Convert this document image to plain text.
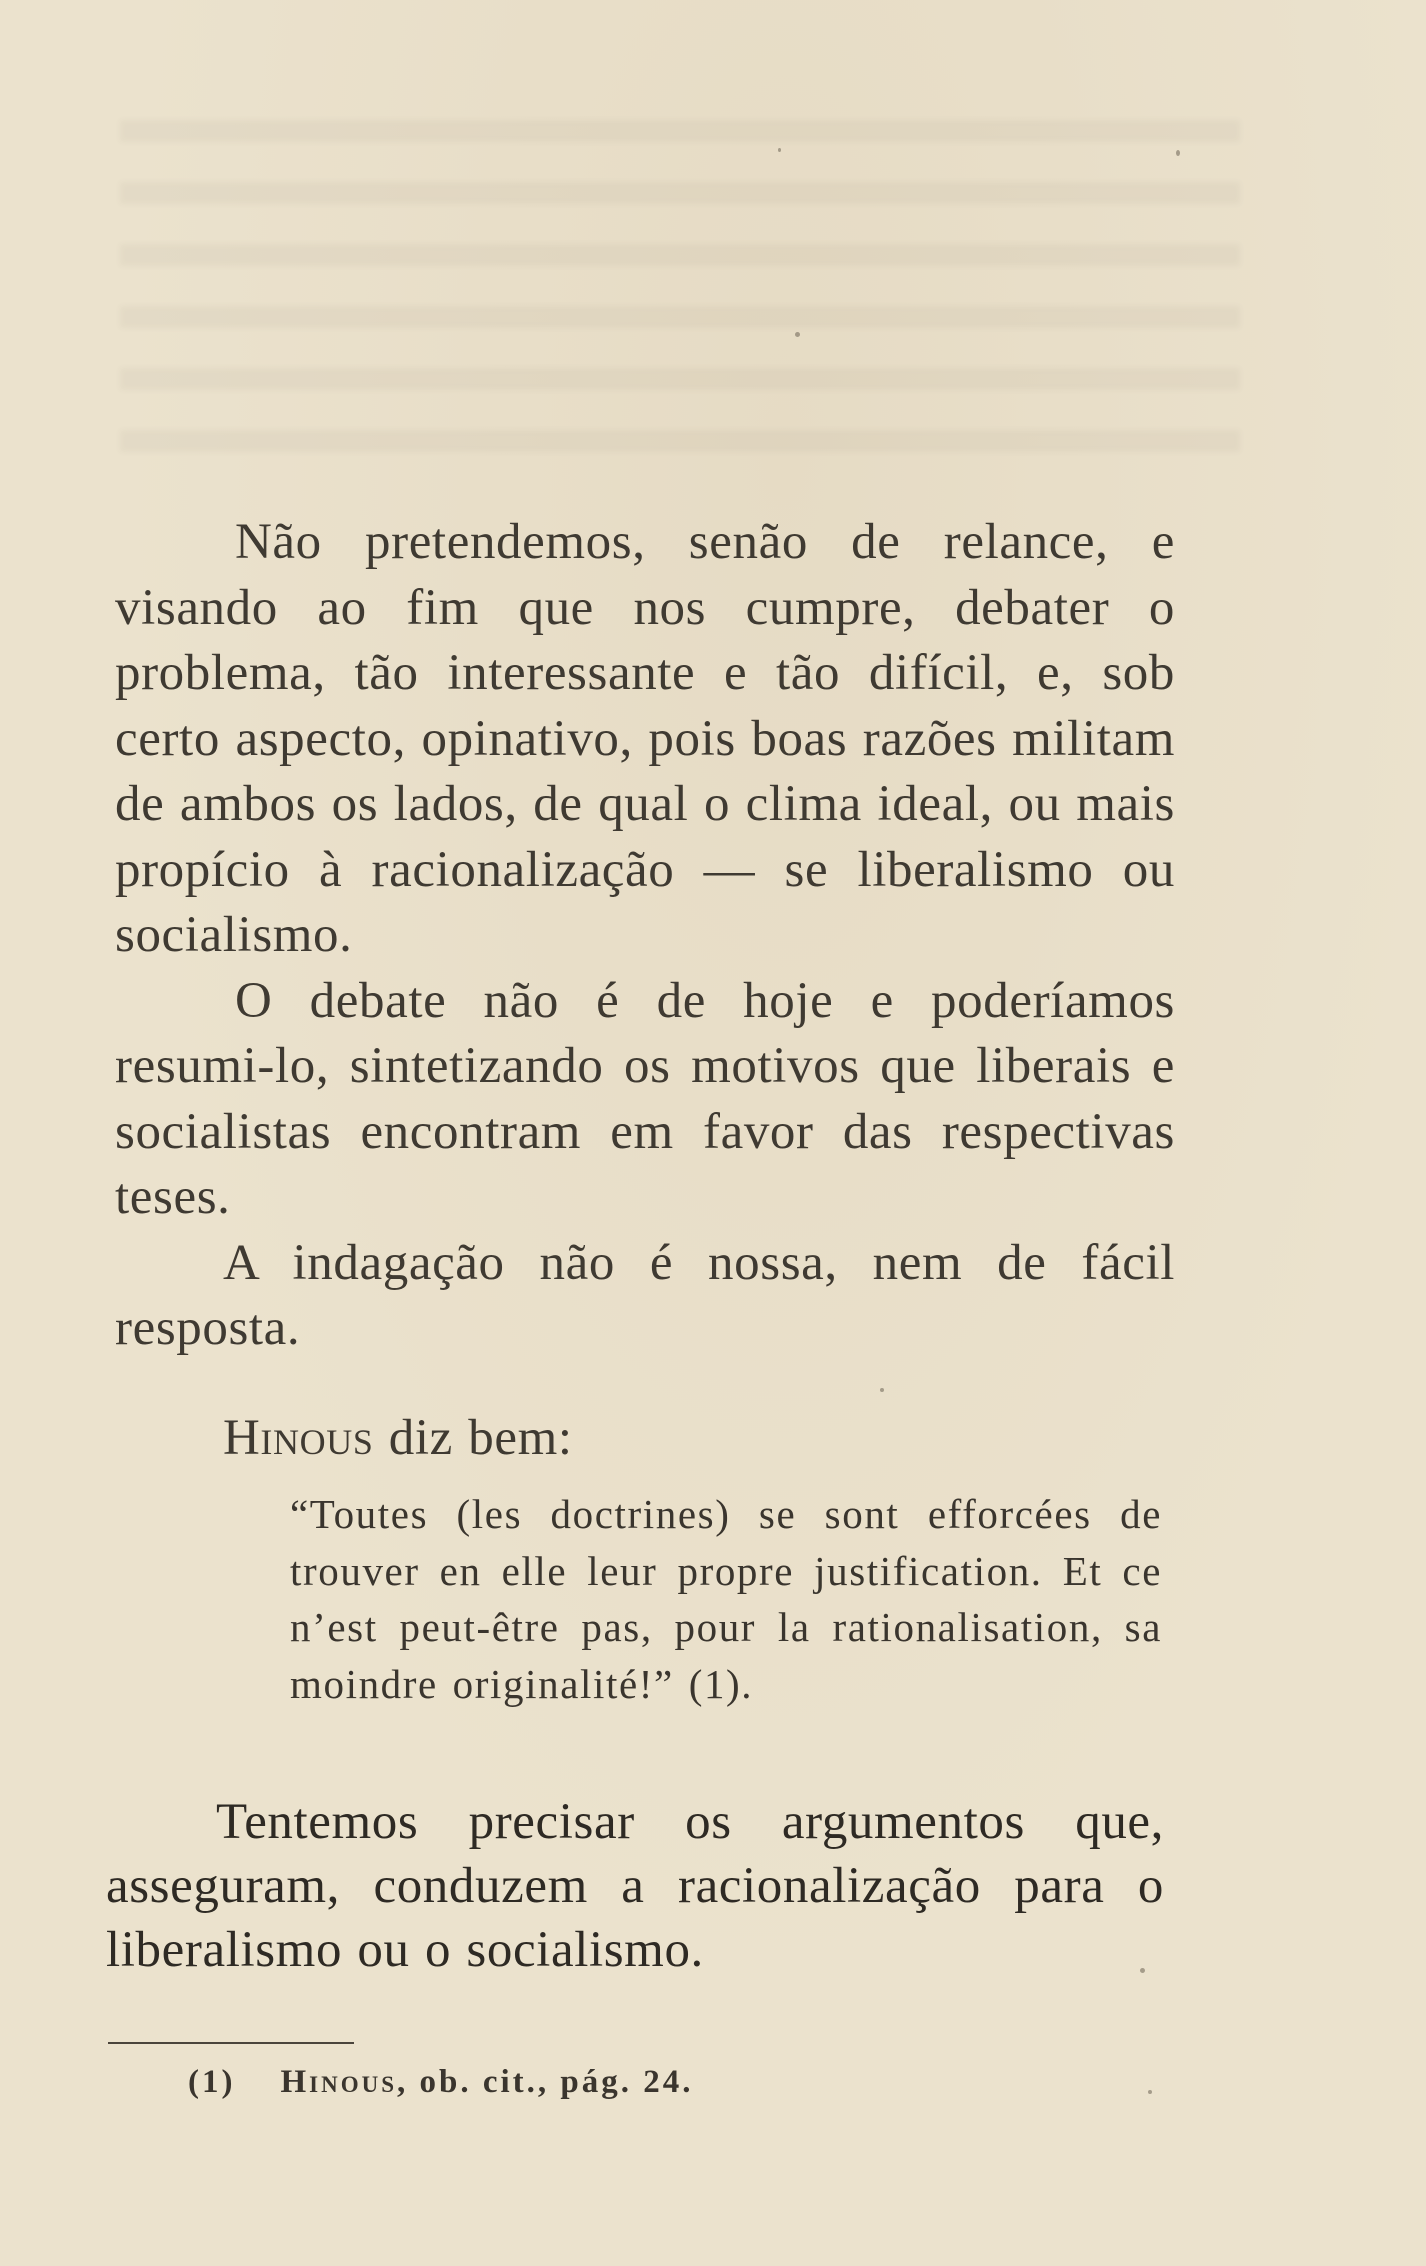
Não pretendemos, senão de relance, e visando ao fim que nos cumpre, debater o problema, tão interessante e tão difícil, e, sob certo aspecto, opinativo, pois boas razões militam de ambos os lados, de qual o clima ideal, ou mais propício à racionalização — se liberalismo ou socialismo.

O debate não é de hoje e poderíamos resumi-lo, sintetizando os motivos que liberais e socialistas encontram em favor das respectivas teses.

A indagação não é nossa, nem de fácil resposta.

Hinous diz bem:

“Toutes (les doctrines) se sont efforcées de trouver en elle leur propre justification. Et ce n’est peut-être pas, pour la rationalisation, sa moindre originalité!” (1).

Tentemos precisar os argumentos que, asseguram, conduzem a racionalização para o liberalismo ou o socialismo.

(1) Hinous, ob. cit., pág. 24.
